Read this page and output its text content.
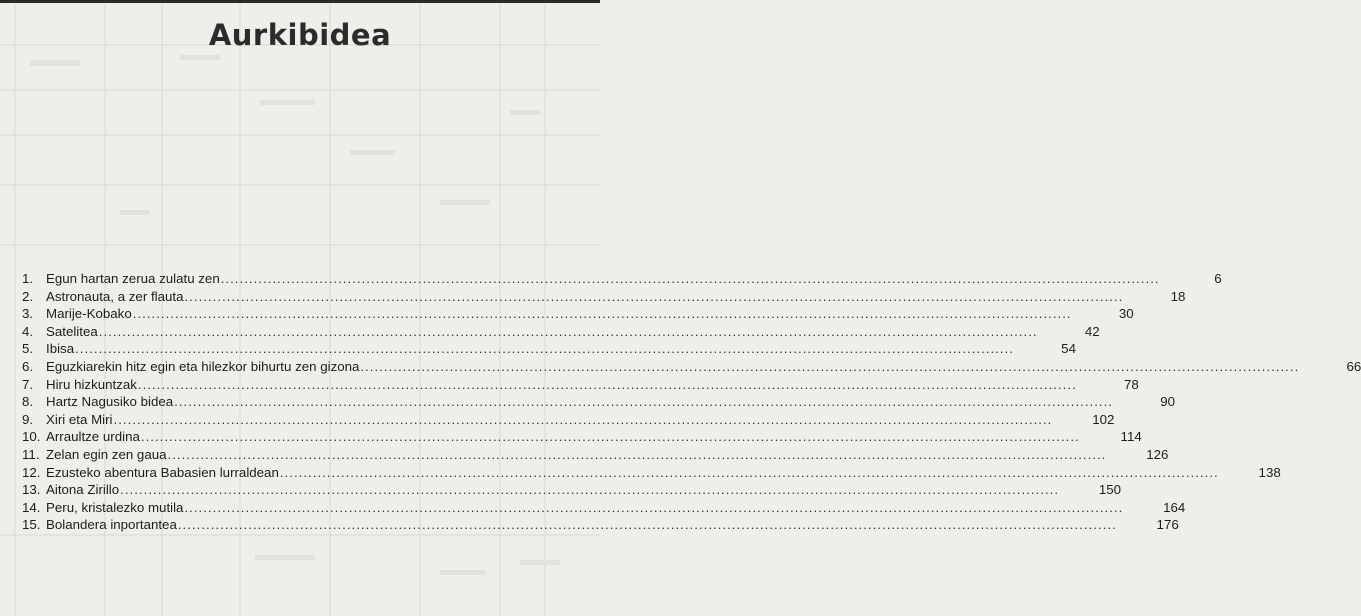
Aurkibidea
1. Egun hartan zerua zulatu zen ........................................................................................................................................................................................................	6
2. Astronauta, a zer flauta ........................................................................................................................................................................................................	18
3. Marije-Kobako ........................................................................................................................................................................................................	30
4. Satelitea ........................................................................................................................................................................................................	42
5. Ibisa ........................................................................................................................................................................................................	54
6. Eguzkiarekin hitz egin eta hilezkor bihurtu zen gizona ........................................................................................................................................................................................................	66
7. Hiru hizkuntzak ........................................................................................................................................................................................................	78
8. Hartz Nagusiko bidea ........................................................................................................................................................................................................	90
9. Xiri eta Miri ........................................................................................................................................................................................................	102
10. Arraultze urdina ........................................................................................................................................................................................................	114
11. Zelan egin zen gaua ........................................................................................................................................................................................................	126
12. Ezusteko abentura Babasien lurraldean ........................................................................................................................................................................................................	138
13. Aitona Zirillo ........................................................................................................................................................................................................	150
14. Peru, kristalezko mutila ........................................................................................................................................................................................................	164
15. Bolandera inportantea ........................................................................................................................................................................................................	176
